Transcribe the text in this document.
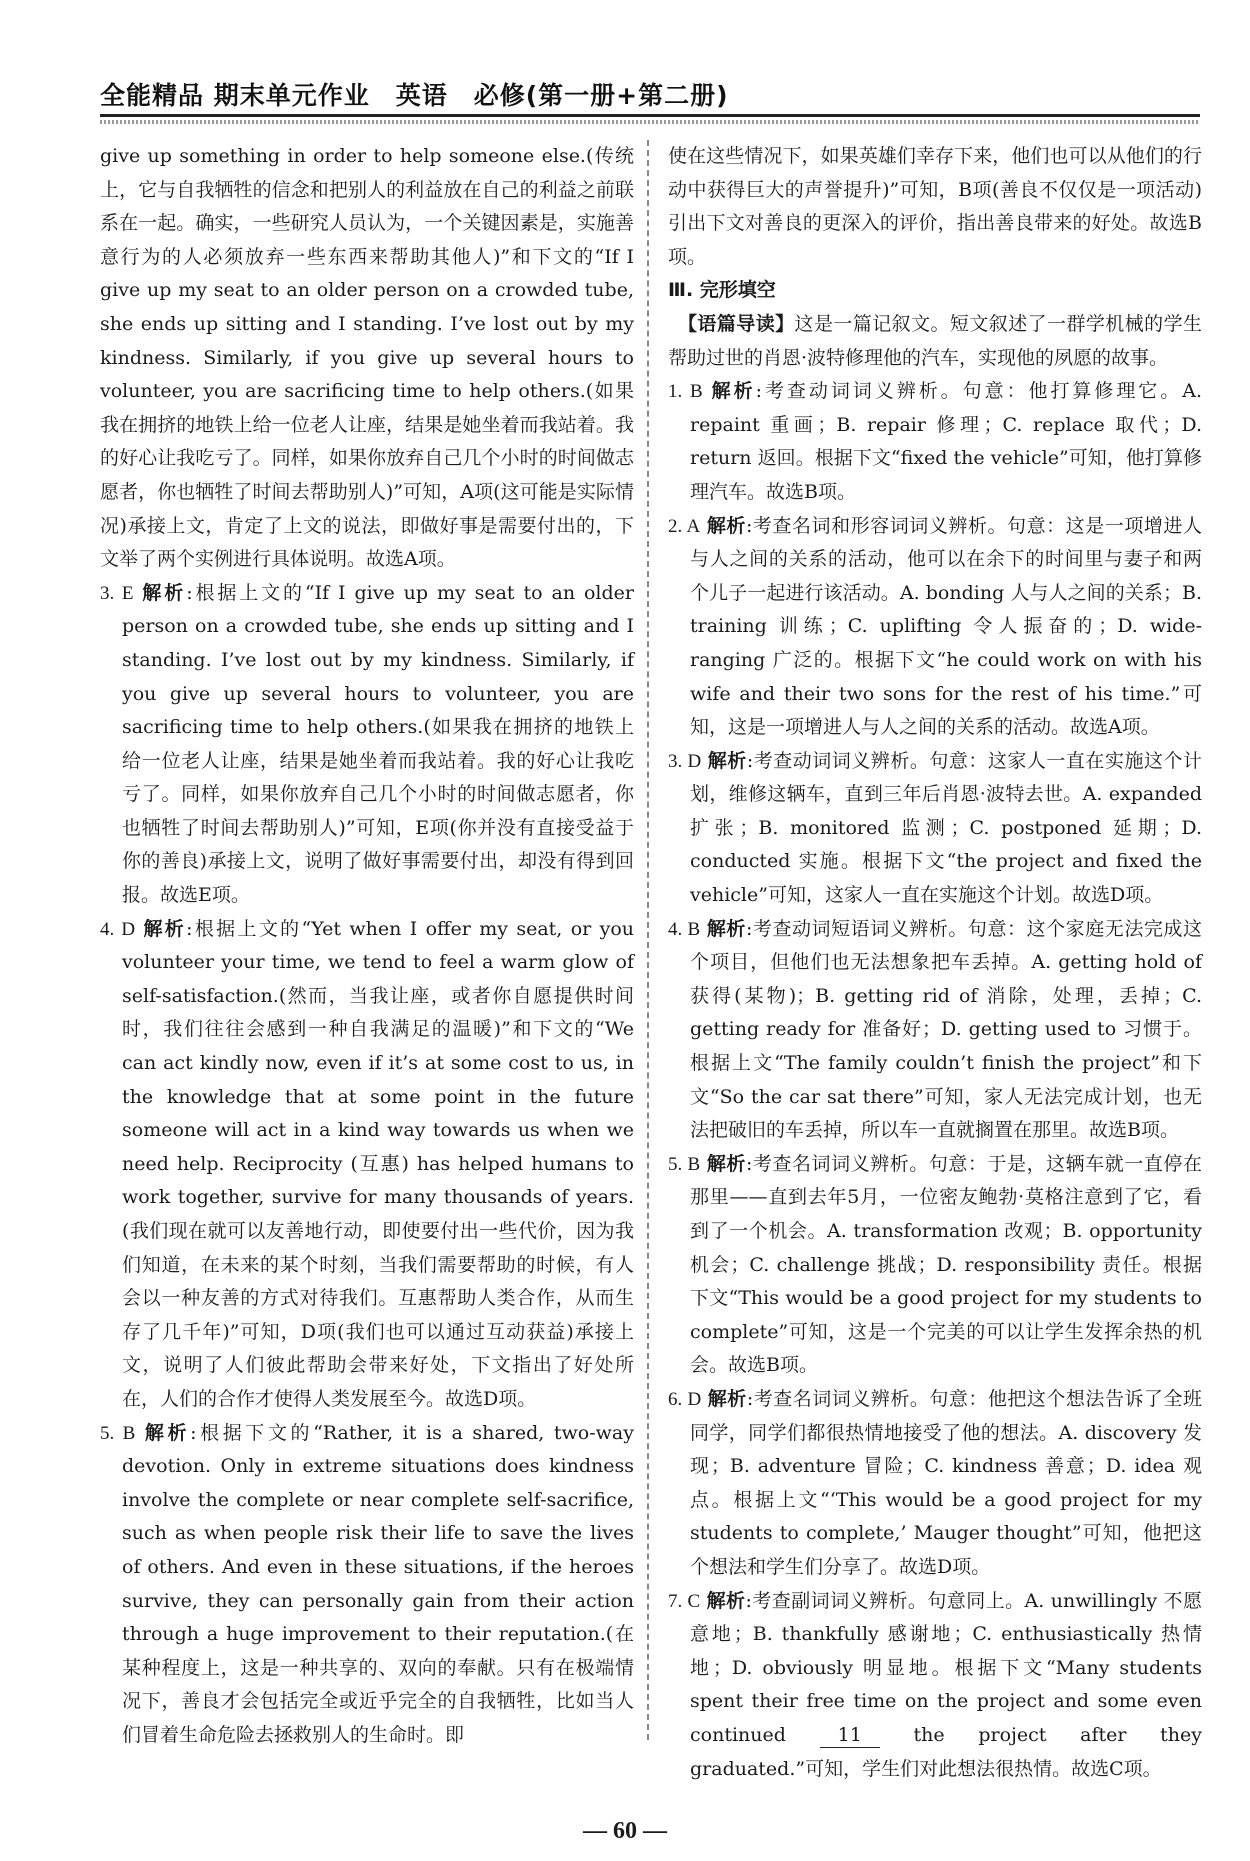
全能精品 期末单元作业　英语　必修(第一册+第二册)

give up something in order to help someone else.(传统上，它与自我牺牲的信念和把别人的利益放在自己的利益之前联系在一起。确实，一些研究人员认为，一个关键因素是，实施善意行为的人必须放弃一些东西来帮助其他人)”和下文的“If I give up my seat to an older person on a crowded tube, she ends up sitting and I standing. I’ve lost out by my kindness. Similarly, if you give up several hours to volunteer, you are sacrificing time to help others.(如果我在拥挤的地铁上给一位老人让座，结果是她坐着而我站着。我的好心让我吃亏了。同样，如果你放弃自己几个小时的时间做志愿者，你也牺牲了时间去帮助别人)”可知，A项(这可能是实际情况)承接上文，肯定了上文的说法，即做好事是需要付出的，下文举了两个实例进行具体说明。故选A项。

3. E 解析:根据上文的“If I give up my seat to an older person on a crowded tube, she ends up sitting and I standing. I’ve lost out by my kindness. Similarly, if you give up several hours to volunteer, you are sacrificing time to help others.(如果我在拥挤的地铁上给一位老人让座，结果是她坐着而我站着。我的好心让我吃亏了。同样，如果你放弃自己几个小时的时间做志愿者，你也牺牲了时间去帮助别人)”可知，E项(你并没有直接受益于你的善良)承接上文，说明了做好事需要付出，却没有得到回报。故选E项。

4. D 解析:根据上文的“Yet when I offer my seat, or you volunteer your time, we tend to feel a warm glow of self-satisfaction.(然而，当我让座，或者你自愿提供时间时，我们往往会感到一种自我满足的温暖)”和下文的“We can act kindly now, even if it’s at some cost to us, in the knowledge that at some point in the future someone will act in a kind way towards us when we need help. Reciprocity (互惠) has helped humans to work together, survive for many thousands of years.(我们现在就可以友善地行动，即使要付出一些代价，因为我们知道，在未来的某个时刻，当我们需要帮助的时候，有人会以一种友善的方式对待我们。互惠帮助人类合作，从而生存了几千年)”可知，D项(我们也可以通过互动获益)承接上文，说明了人们彼此帮助会带来好处，下文指出了好处所在，人们的合作才使得人类发展至今。故选D项。

5. B 解析:根据下文的“Rather, it is a shared, two-way devotion. Only in extreme situations does kindness involve the complete or near complete self-sacrifice, such as when people risk their life to save the lives of others. And even in these situations, if the heroes survive, they can personally gain from their action through a huge improvement to their reputation.(在某种程度上，这是一种共享的、双向的奉献。只有在极端情况下，善良才会包括完全或近乎完全的自我牺牲，比如当人们冒着生命危险去拯救别人的生命时。即

使在这些情况下，如果英雄们幸存下来，他们也可以从他们的行动中获得巨大的声誉提升)”可知，B项(善良不仅仅是一项活动)引出下文对善良的更深入的评价，指出善良带来的好处。故选B项。

Ⅲ. 完形填空

【语篇导读】这是一篇记叙文。短文叙述了一群学机械的学生帮助过世的肖恩·波特修理他的汽车，实现他的夙愿的故事。

1. B 解析:考查动词词义辨析。句意：他打算修理它。A. repaint 重画；B. repair 修理；C. replace 取代；D. return 返回。根据下文“fixed the vehicle”可知，他打算修理汽车。故选B项。

2. A 解析:考查名词和形容词词义辨析。句意：这是一项增进人与人之间的关系的活动，他可以在余下的时间里与妻子和两个儿子一起进行该活动。A. bonding 人与人之间的关系；B. training 训练；C. uplifting 令人振奋的；D. wide-ranging 广泛的。根据下文“he could work on with his wife and their two sons for the rest of his time.”可知，这是一项增进人与人之间的关系的活动。故选A项。

3. D 解析:考查动词词义辨析。句意：这家人一直在实施这个计划，维修这辆车，直到三年后肖恩·波特去世。A. expanded 扩张；B. monitored 监测；C. postponed 延期；D. conducted 实施。根据下文“the project and fixed the vehicle”可知，这家人一直在实施这个计划。故选D项。

4. B 解析:考查动词短语词义辨析。句意：这个家庭无法完成这个项目，但他们也无法想象把车丢掉。A. getting hold of 获得(某物)；B. getting rid of 消除，处理，丢掉；C. getting ready for 准备好；D. getting used to 习惯于。根据上文“The family couldn’t finish the project”和下文“So the car sat there”可知，家人无法完成计划，也无法把破旧的车丢掉，所以车一直就搁置在那里。故选B项。

5. B 解析:考查名词词义辨析。句意：于是，这辆车就一直停在那里——直到去年5月，一位密友鲍勃·莫格注意到了它，看到了一个机会。A. transformation 改观；B. opportunity 机会；C. challenge 挑战；D. responsibility 责任。根据下文“This would be a good project for my students to complete”可知，这是一个完美的可以让学生发挥余热的机会。故选B项。

6. D 解析:考查名词词义辨析。句意：他把这个想法告诉了全班同学，同学们都很热情地接受了他的想法。A. discovery 发现；B. adventure 冒险；C. kindness 善意；D. idea 观点。根据上文“‘This would be a good project for my students to complete,’ Mauger thought”可知，他把这个想法和学生们分享了。故选D项。

7. C 解析:考查副词词义辨析。句意同上。A. unwillingly 不愿意地；B. thankfully 感谢地；C. enthusiastically 热情地；D. obviously 明显地。根据下文“Many students spent their free time on the project and some even continued	11	the project after they graduated.”可知，学生们对此想法很热情。故选C项。

— 60 —
